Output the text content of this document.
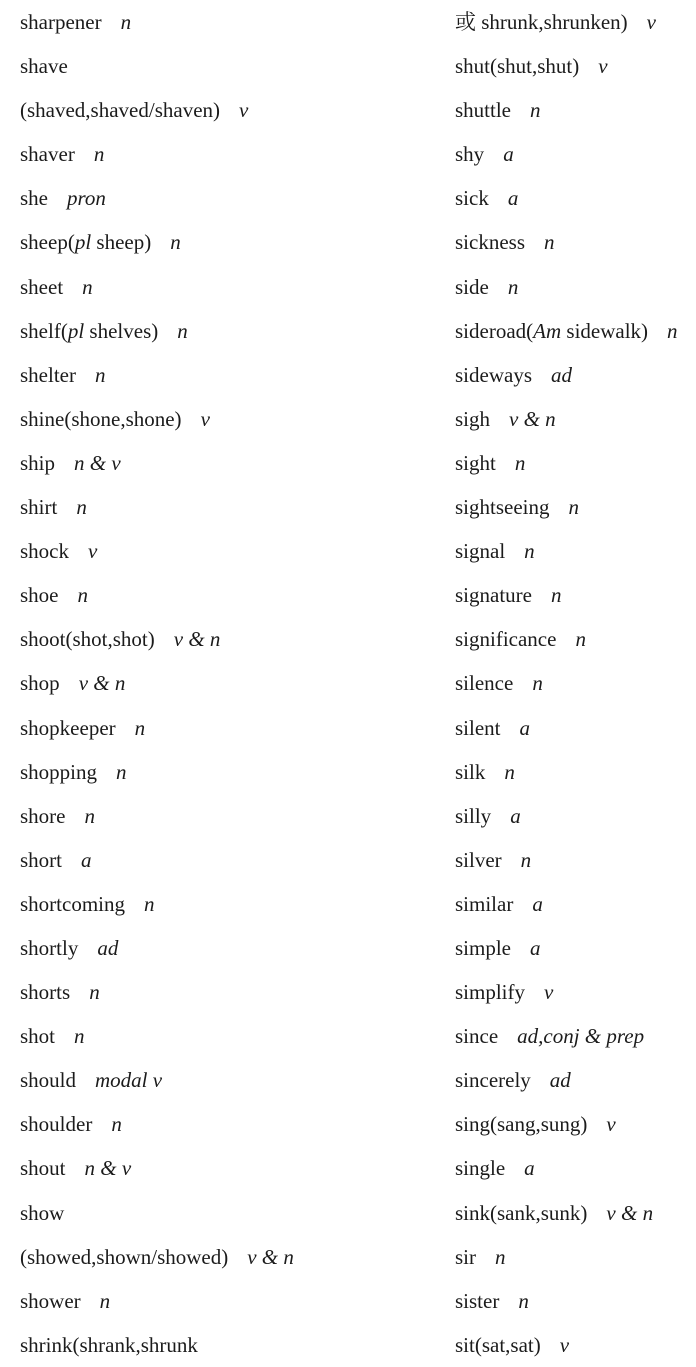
sharpener n
shave
(shaved,shaved/shaven) v
shaver n
she pron
sheep(pl sheep) n
sheet n
shelf(pl shelves) n
shelter n
shine(shone,shone) v
ship n & v
shirt n
shock v
shoe n
shoot(shot,shot) v & n
shop v & n
shopkeeper n
shopping n
shore n
short a
shortcoming n
shortly ad
shorts n
shot n
should modal v
shoulder n
shout n & v
show
(showed,shown/showed) v & n
shower n
shrink(shrank,shrunk
或 shrunk,shrunken) v
shut(shut,shut) v
shuttle n
shy a
sick a
sickness n
side n
sideroad(Am sidewalk) n
sideways ad
sigh v & n
sight n
sightseeing n
signal n
signature n
significance n
silence n
silent a
silk n
silly a
silver n
similar a
simple a
simplify v
since ad,conj & prep
sincerely ad
sing(sang,sung) v
single a
sink(sank,sunk) v & n
sir n
sister n
sit(sat,sat) v
